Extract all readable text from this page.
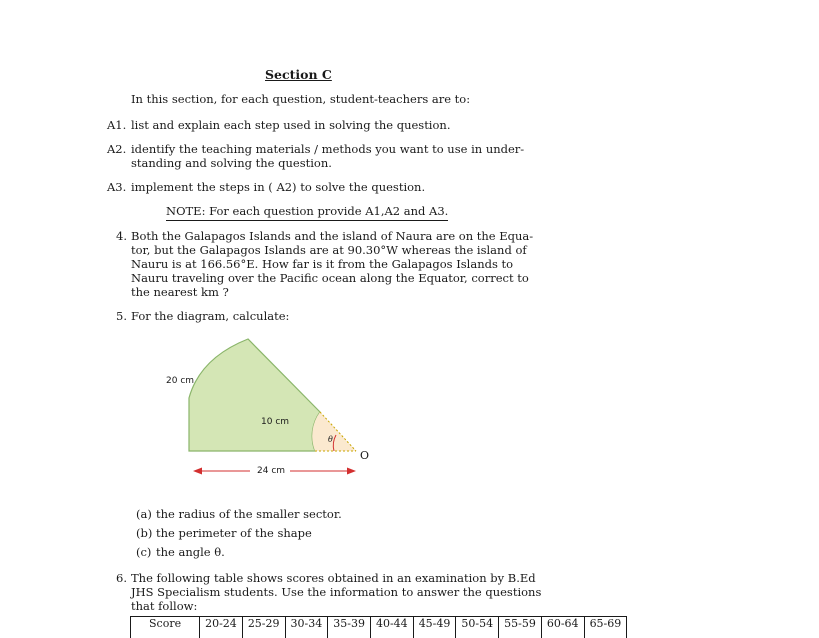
Section C
In this section, for each question, student-teachers are to:
A1. list and explain each step used in solving the question.
A2. identify the teaching materials / methods you want to use in under-
standing and solving the question.
A3. implement the steps in ( A2) to solve the question.
NOTE: For each question provide A1,A2 and A3.
4. Both the Galapagos Islands and the island of Naura are on the Equa-
tor, but the Galapagos Islands are at 90.30°W whereas the island of
Nauru is at 166.56°E. How far is it from the Galapagos Islands to
Nauru traveling over the Pacific ocean along the Equator, correct to
the nearest km ?
5. For the diagram, calculate:
20 cm
10 cm
24 cm
θ
O
(a) the radius of the smaller sector.
(b) the perimeter of the shape
(c) the angle θ.
6. The following table shows scores obtained in an examination by B.Ed
JHS Specialism students. Use the information to answer the questions
that follow:
Score	20-24	25-29	30-34	35-39	40-44	45-49	50-54	55-59	60-64	65-69
